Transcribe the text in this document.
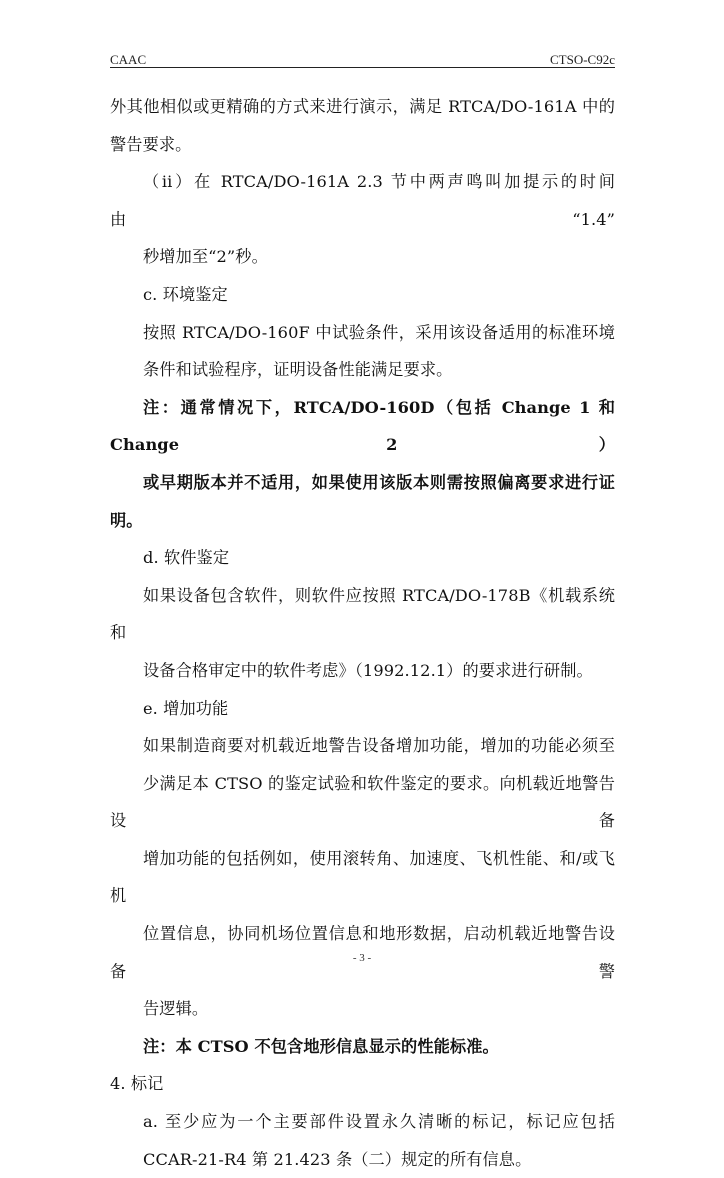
CAAC	CTSO-C92c
外其他相似或更精确的方式来进行演示，满足 RTCA/DO-161A 中的
警告要求。
（ii）在 RTCA/DO-161A 2.3 节中两声鸣叫加提示的时间由“1.4”
秒增加至“2”秒。
c. 环境鉴定
按照 RTCA/DO-160F 中试验条件，采用该设备适用的标准环境
条件和试验程序，证明设备性能满足要求。
注：通常情况下，RTCA/DO-160D（包括 Change 1 和 Change 2）
或早期版本并不适用，如果使用该版本则需按照偏离要求进行证明。
d. 软件鉴定
如果设备包含软件，则软件应按照 RTCA/DO-178B《机载系统和
设备合格审定中的软件考虑》（1992.12.1）的要求进行研制。
e. 增加功能
如果制造商要对机载近地警告设备增加功能，增加的功能必须至
少满足本 CTSO 的鉴定试验和软件鉴定的要求。向机载近地警告设备
增加功能的包括例如，使用滚转角、加速度、飞机性能、和/或飞机
位置信息，协同机场位置信息和地形数据，启动机载近地警告设备警
告逻辑。
注：本 CTSO 不包含地形信息显示的性能标准。
4. 标记
a. 至少应为一个主要部件设置永久清晰的标记，标记应包括
CCAR-21-R4 第 21.423 条（二）规定的所有信息。
- 3 -
